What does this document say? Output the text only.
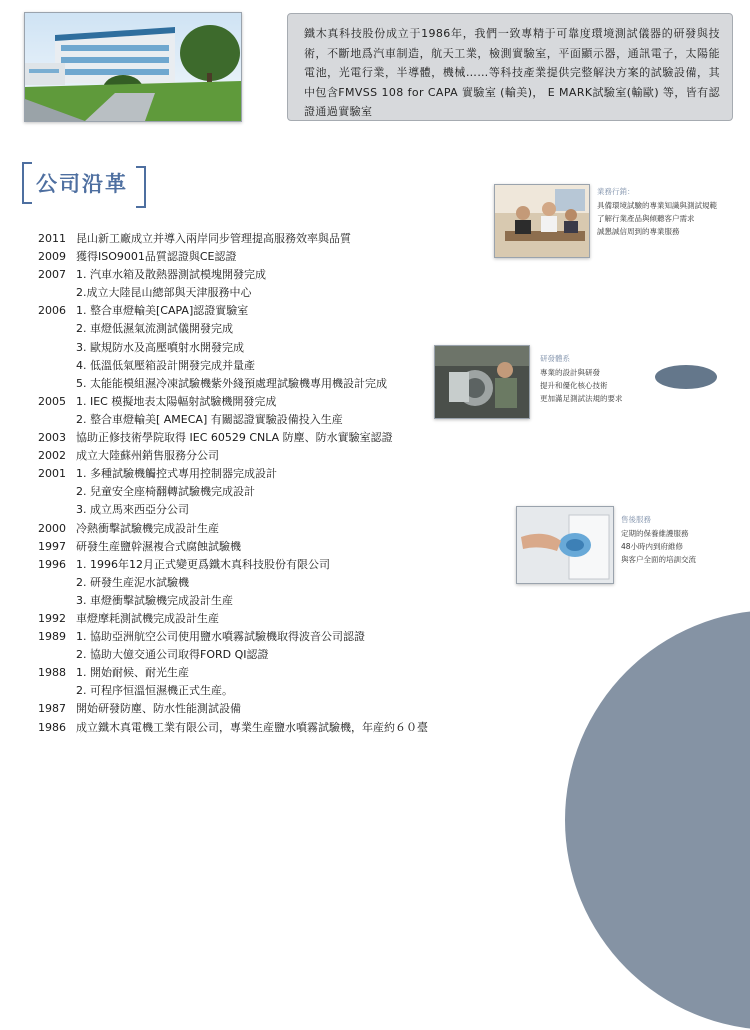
鐵木真科技股份成立于1986年，我們一致專精于可靠度環境測試儀器的研發與技術，不斷地爲汽車制造，航天工業，檢測實驗室，平面顯示器，通訊電子，太陽能電池，光電行業，半導體，機械……等科技產業提供完整解決方案的試驗設備，其中包含FMVSS 108 for CAPA 實驗室 (輸美)， E MARK試驗室(輸歐) 等，皆有認證通過實驗室
公司沿革
2011 昆山新工廠成立并導入兩岸同步管理提高服務效率與品質
2009 獲得ISO9001品質認證與CE認證
2007 1. 汽車水箱及散熱器測試模塊開發完成
2.成立大陸昆山總部與天津服務中心
2006 1. 整合車燈輸美[CAPA]認證實驗室
2. 車燈低濕氣流測試儀開發完成
3. 歐規防水及高壓噴射水開發完成
4. 低溫低氣壓箱設計開發完成并量產
5. 太能能模組濕冷凍試驗機紫外綫預處理試驗機專用機設計完成
2005 1. IEC 模擬地表太陽輻射試驗機開發完成
2. 整合車燈輸美[ AMECA] 有關認證實驗設備投入生産
2003 協助正修技術學院取得 IEC 60529 CNLA 防塵、防水實驗室認證
2002 成立大陸蘇州銷售服務分公司
2001 1. 多種試驗機觸控式專用控制器完成設計
2. 兒童安全座椅翻轉試驗機完成設計
3. 成立馬來西亞分公司
2000 冷熱衝擊試驗機完成設計生産
1997 研發生産鹽幹濕複合式腐蝕試驗機
1996 1. 1996年12月正式變更爲鐵木真科技股份有限公司
2. 研發生産泥水試驗機
3. 車燈衝擊試驗機完成設計生産
1992 車燈摩耗測試機完成設計生産
1989 1. 協助亞洲航空公司使用鹽水噴霧試驗機取得波音公司認證
2. 協助大億交通公司取得FORD QI認證
1988 1. 開始耐候、耐光生産
2. 可程序恒溫恒濕機正式生産。
1987 開始研發防塵、防水性能測試設備
1986 成立鐵木真電機工業有限公司，專業生産鹽水噴霧試驗機，年産約６０臺
業務行銷：
具備環境試驗的專業知識與測試規範
了解行業產品與傾聽客户需求
誠懇誠信周到的專業服務
研發體系
專業的設計與研發
提升和優化核心技術
更加滿足測試法規的要求
售後服務
定期的保養維護服務
48小時内到府維修
與客户全面的培訓交流
